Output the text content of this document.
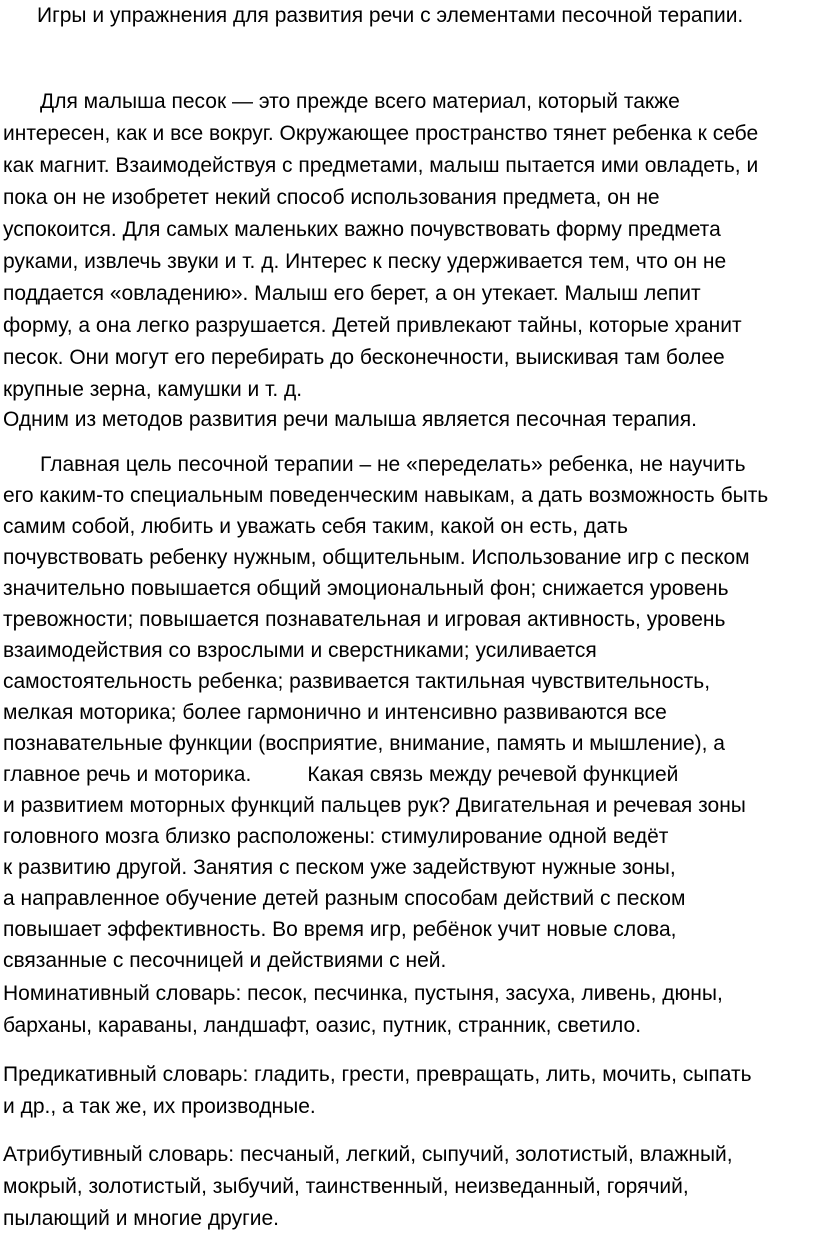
Игры и упражнения для развития речи с элементами песочной терапии.
Для малыша песок — это прежде всего материал, который также
интересен, как и все вокруг. Окружающее пространство тянет ребенка к себе
как магнит. Взаимодействуя с предметами, малыш пытается ими овладеть, и
пока он не изобретет некий способ использования предмета, он не
успокоится. Для самых маленьких важно почувствовать форму предмета
руками, извлечь звуки и т. д. Интерес к песку удерживается тем, что он не
поддается «овладению». Малыш его берет, а он утекает. Малыш лепит
форму, а она легко разрушается. Детей привлекают тайны, которые хранит
песок. Они могут его перебирать до бесконечности, выискивая там более
крупные зерна, камушки и т. д.
Одним из методов развития речи малыша является песочная терапия.
Главная цель песочной терапии – не «переделать» ребенка, не научить
его каким-то специальным поведенческим навыкам, а дать возможность быть
самим собой, любить и уважать себя таким, какой он есть, дать
почувствовать ребенку нужным, общительным. Использование игр с песком
значительно повышается общий эмоциональный фон; снижается уровень
тревожности; повышается познавательная и игровая активность, уровень
взаимодействия со взрослыми и сверстниками; усиливается
самостоятельность ребенка; развивается тактильная чувствительность,
мелкая моторика; более гармонично и интенсивно развиваются все
познавательные функции (восприятие, внимание, память и мышление), а
главное речь и моторика.	Какая связь между речевой функцией
и развитием моторных функций пальцев рук? Двигательная и речевая зоны
головного мозга близко расположены: стимулирование одной ведёт
к развитию другой. Занятия с песком уже задействуют нужные зоны,
а направленное обучение детей разным способам действий с песком
повышает эффективность. Во время игр, ребёнок учит новые слова,
связанные с песочницей и действиями с ней.
Номинативный словарь: песок, песчинка, пустыня, засуха, ливень, дюны,
барханы, караваны, ландшафт, оазис, путник, странник, светило.
Предикативный словарь: гладить, грести, превращать, лить, мочить, сыпать
и др., а так же, их производные.
Атрибутивный словарь: песчаный, легкий, сыпучий, золотистый, влажный,
мокрый, золотистый, зыбучий, таинственный, неизведанный, горячий,
пылающий и многие другие.
